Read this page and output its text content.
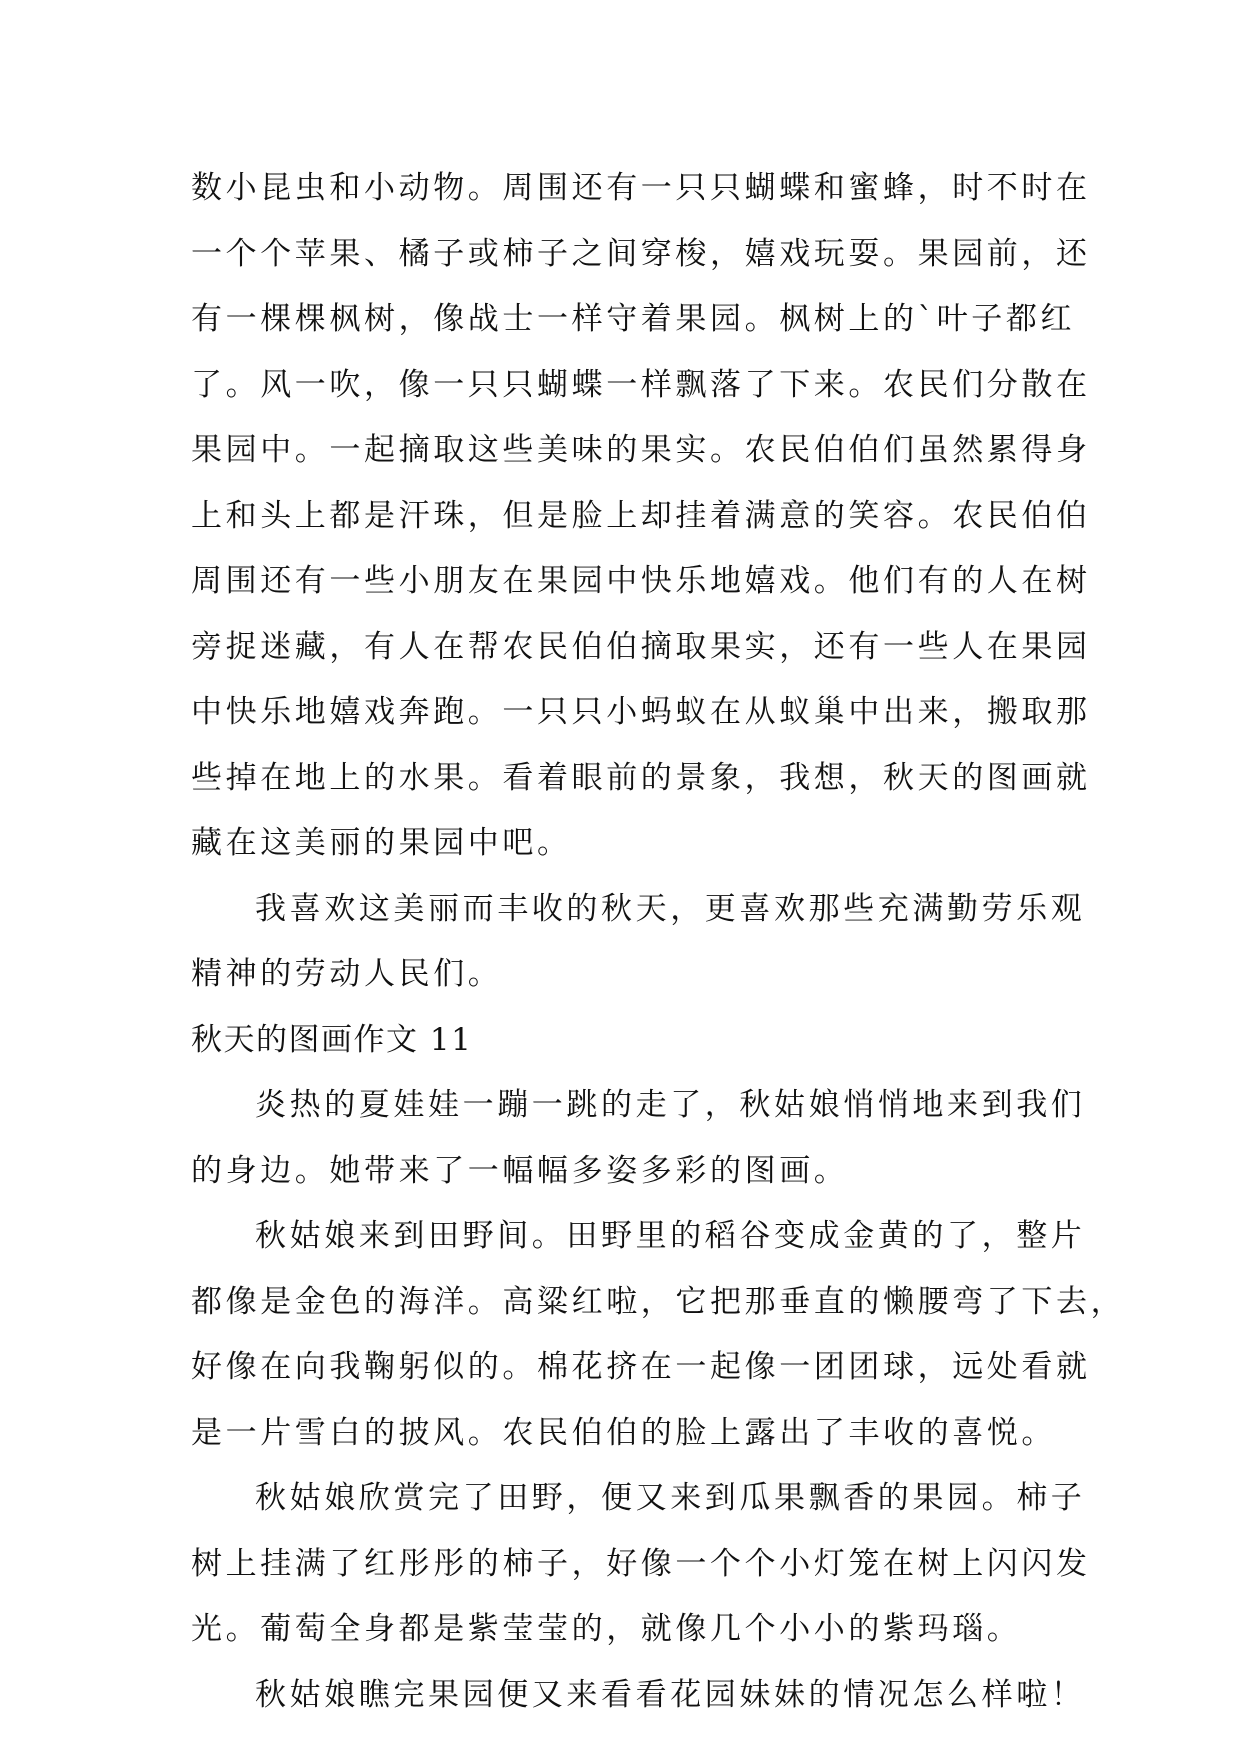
数小昆虫和小动物。周围还有一只只蝴蝶和蜜蜂，时不时在
一个个苹果、橘子或柿子之间穿梭，嬉戏玩耍。果园前，还
有一棵棵枫树，像战士一样守着果园。枫树上的`叶子都红
了。风一吹，像一只只蝴蝶一样飘落了下来。农民们分散在
果园中。一起摘取这些美味的果实。农民伯伯们虽然累得身
上和头上都是汗珠，但是脸上却挂着满意的笑容。农民伯伯
周围还有一些小朋友在果园中快乐地嬉戏。他们有的人在树
旁捉迷藏，有人在帮农民伯伯摘取果实，还有一些人在果园
中快乐地嬉戏奔跑。一只只小蚂蚁在从蚁巢中出来，搬取那
些掉在地上的水果。看着眼前的景象，我想，秋天的图画就
藏在这美丽的果园中吧。
我喜欢这美丽而丰收的秋天，更喜欢那些充满勤劳乐观
精神的劳动人民们。
秋天的图画作文 11
炎热的夏娃娃一蹦一跳的走了，秋姑娘悄悄地来到我们
的身边。她带来了一幅幅多姿多彩的图画。
秋姑娘来到田野间。田野里的稻谷变成金黄的了，整片
都像是金色的海洋。高粱红啦，它把那垂直的懒腰弯了下去，
好像在向我鞠躬似的。棉花挤在一起像一团团球，远处看就
是一片雪白的披风。农民伯伯的脸上露出了丰收的喜悦。
秋姑娘欣赏完了田野，便又来到瓜果飘香的果园。柿子
树上挂满了红彤彤的柿子，好像一个个小灯笼在树上闪闪发
光。葡萄全身都是紫莹莹的，就像几个小小的紫玛瑙。
秋姑娘瞧完果园便又来看看花园妹妹的情况怎么样啦！
